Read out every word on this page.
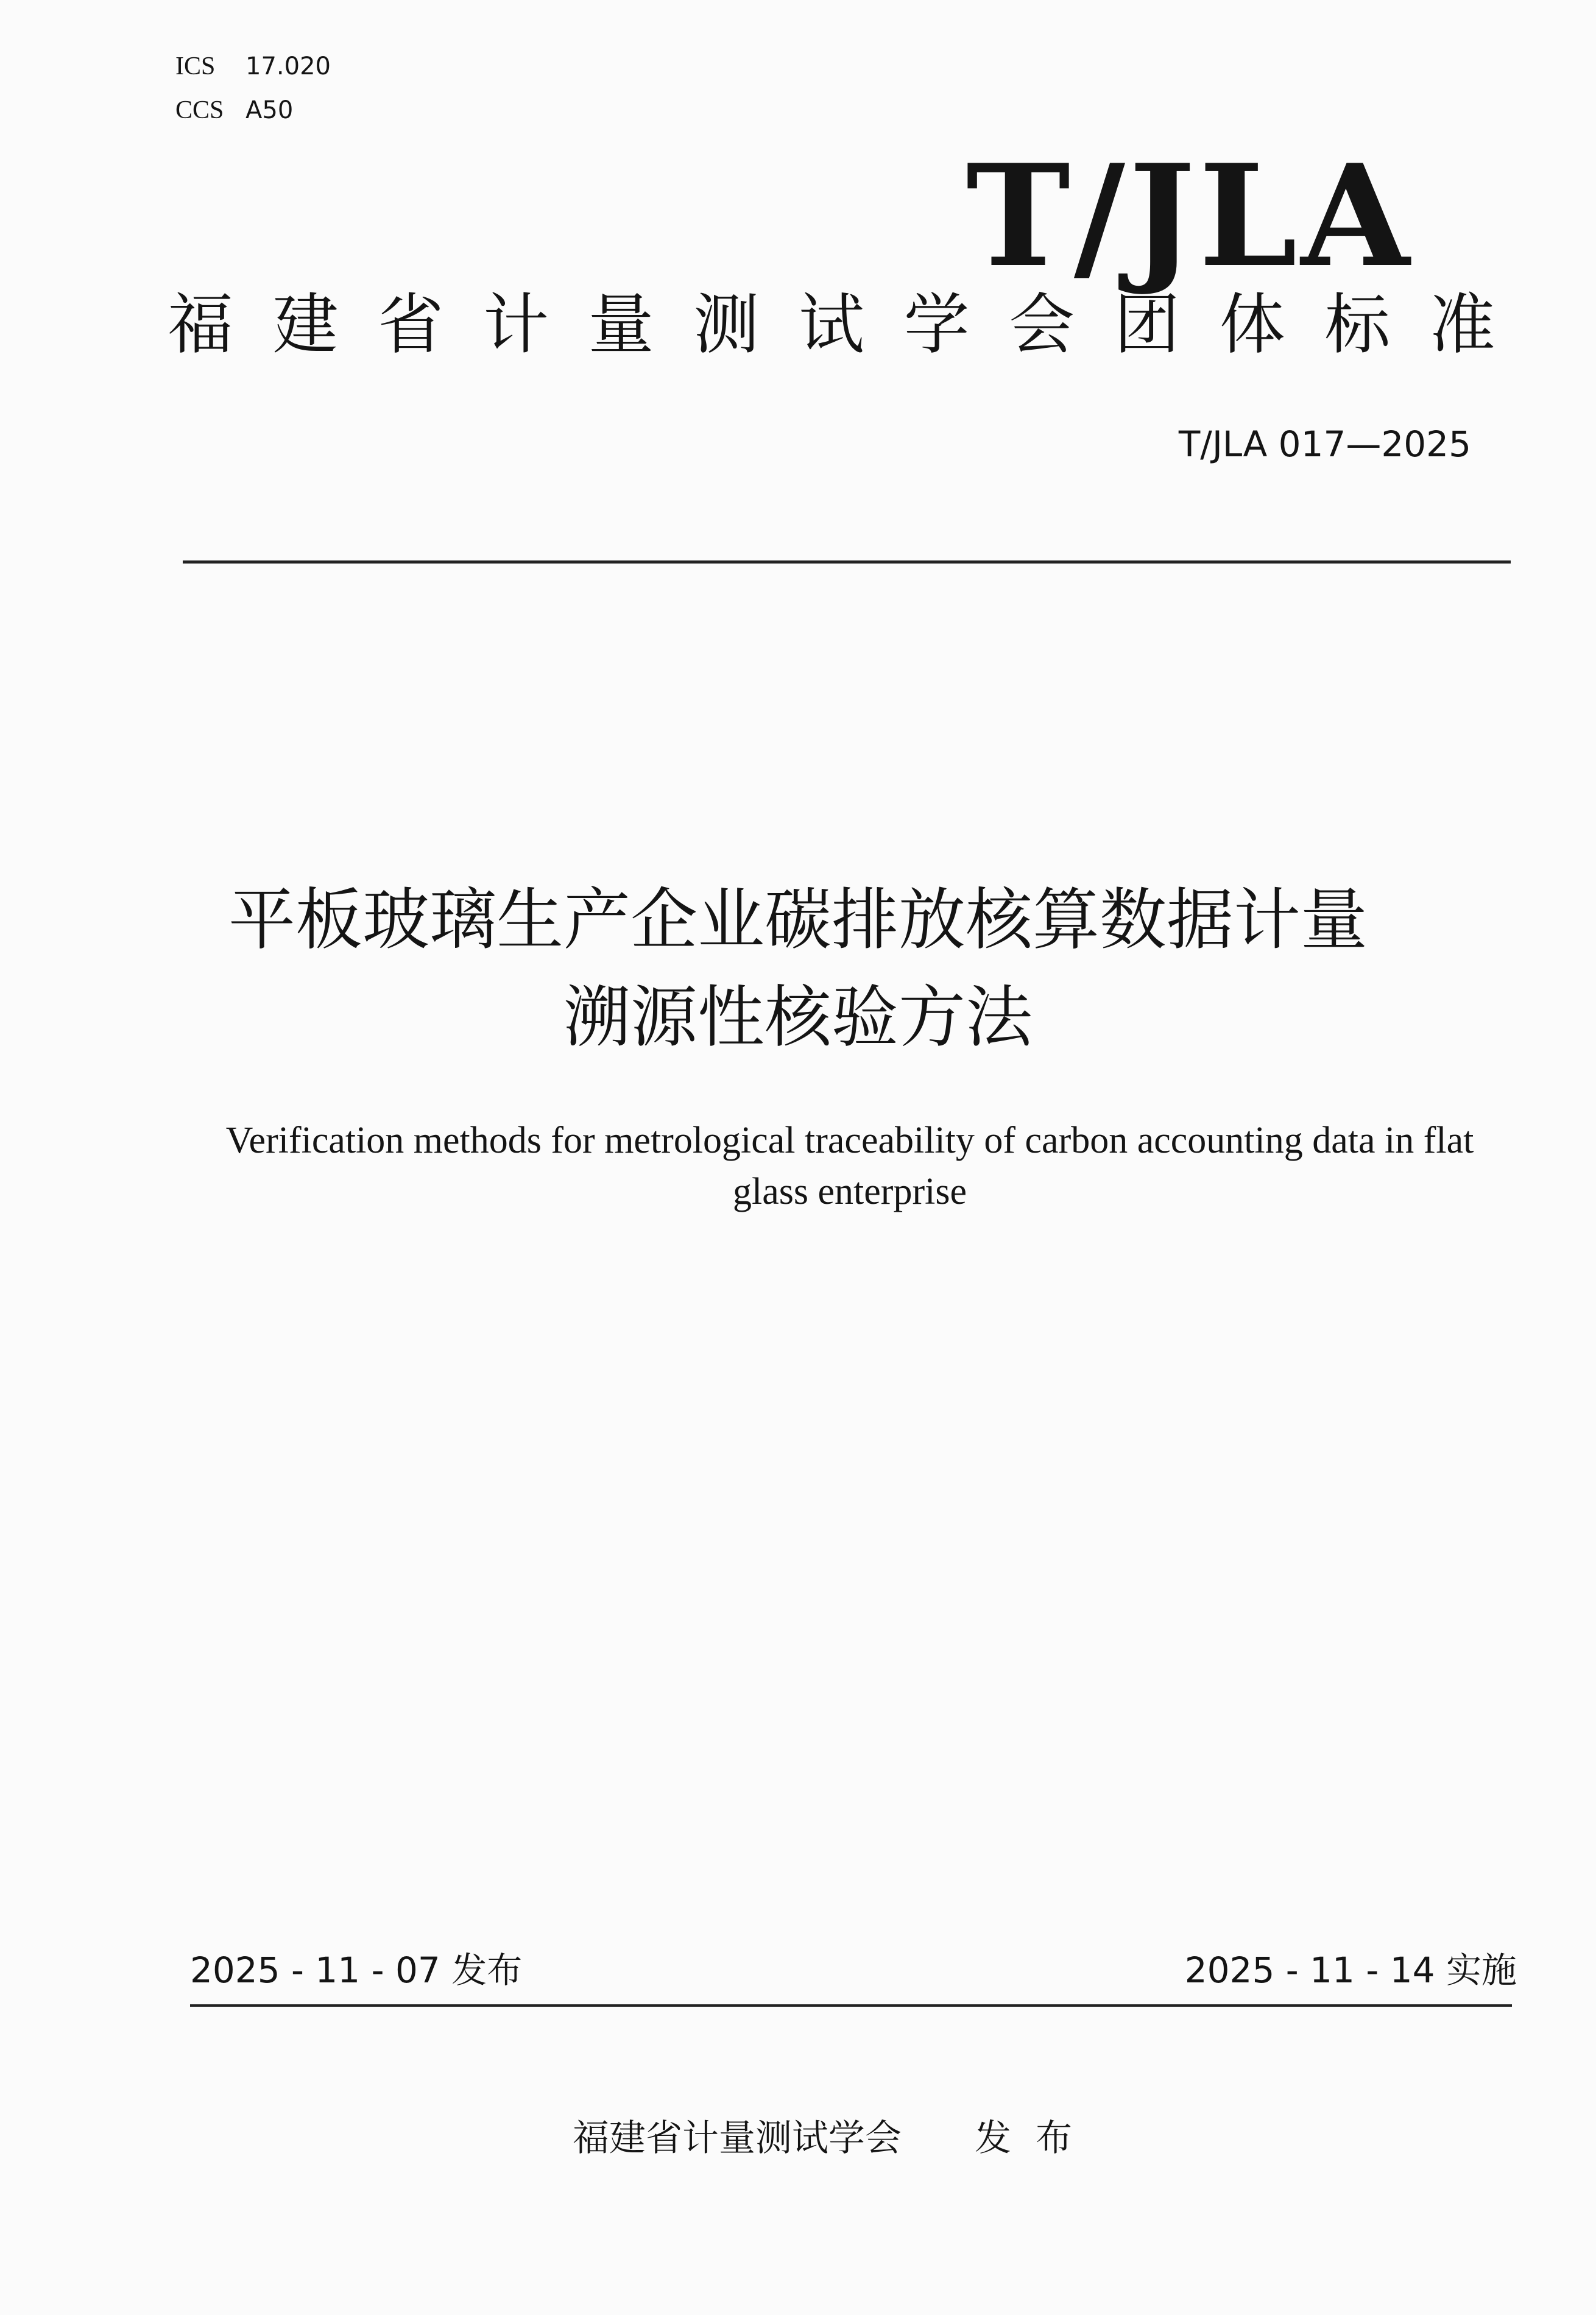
ICS 17.020
CCS A50
T/JLA
福 建 省 计 量 测 试 学 会 团 体 标 准
T/JLA 017—2025
平板玻璃生产企业碳排放核算数据计量
溯源性核验方法
Verification methods for metrological traceability of carbon accounting data in flat
glass enterprise
2025 - 11 - 07 发布	2025 - 11 - 14 实施
福建省计量测试学会 发布
